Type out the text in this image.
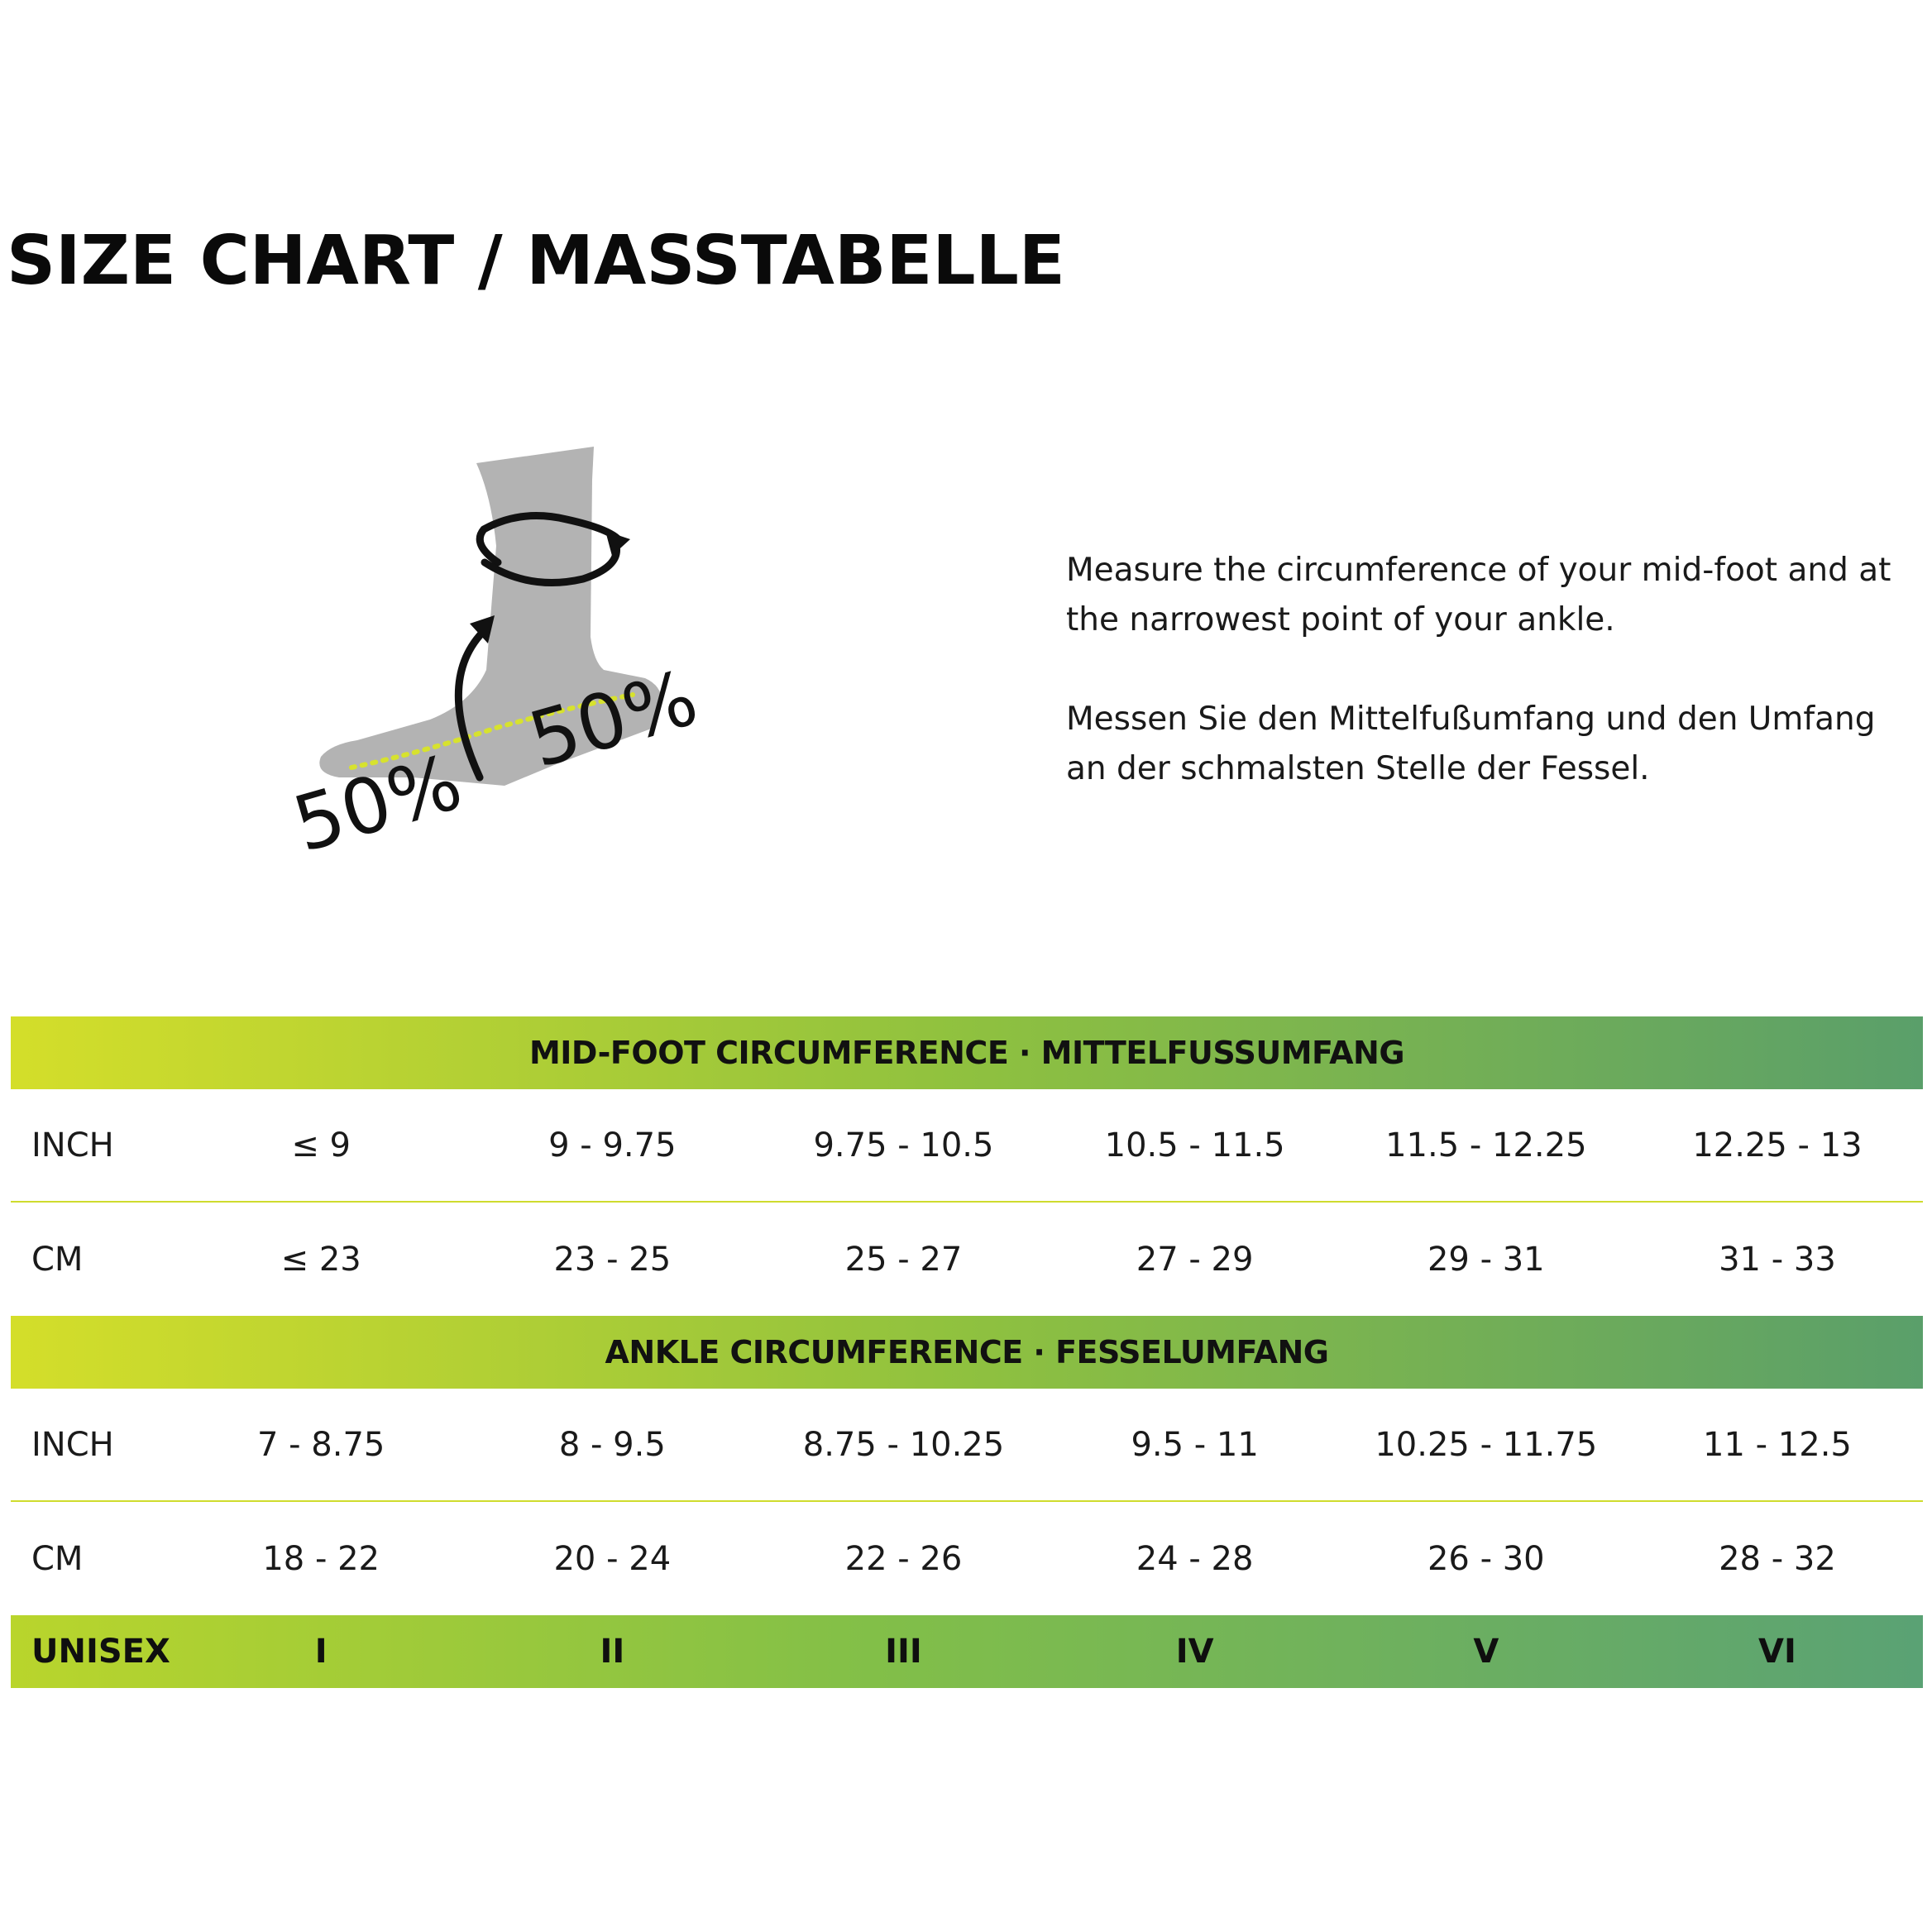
SIZE CHART / MASSTABELLE
50%
50%

Measure the circumference of your mid-foot and at the narrowest point of your ankle.

Messen Sie den Mittelfußumfang und den Umfang an der schmalsten Stelle der Fessel.

MID-FOOT CIRCUMFERENCE · MITTELFUSSUMFANG
INCH	≤ 9	9 - 9.75	9.75 - 10.5	10.5 - 11.5	11.5 - 12.25	12.25 - 13
CM	≤ 23	23 - 25	25 - 27	27 - 29	29 - 31	31 - 33
ANKLE CIRCUMFERENCE · FESSELUMFANG
INCH	7 - 8.75	8 - 9.5	8.75 - 10.25	9.5 - 11	10.25 - 11.75	11 - 12.5
CM	18 - 22	20 - 24	22 - 26	24 - 28	26 - 30	28 - 32
UNISEX	I	II	III	IV	V	VI
